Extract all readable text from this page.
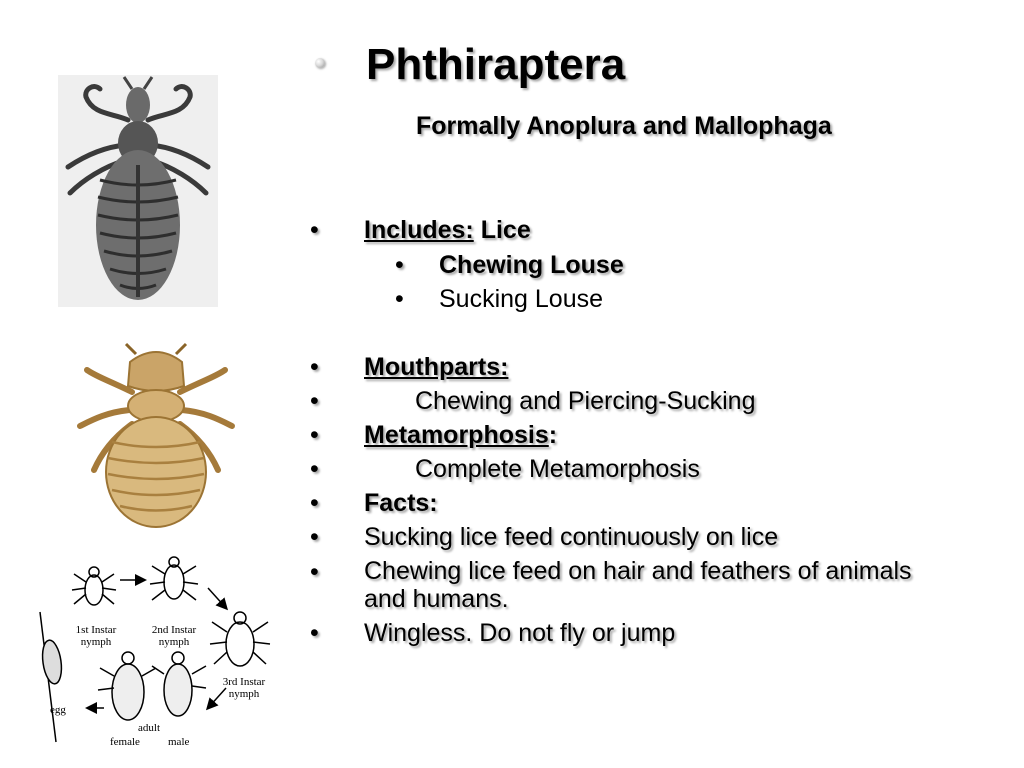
Phthiraptera
Formally Anoplura and Mallophaga
• Includes: Lice
• Chewing Louse
• Sucking Louse
• Mouthparts:
•	Chewing and Piercing-Sucking
• Metamorphosis:
•	Complete Metamorphosis
• Facts:
• Sucking lice feed continuously on lice
• Chewing lice feed on hair and feathers of animals
and humans.
• Wingless. Do not fly or jump
1st Instar
nymph
2nd Instar
nymph
3rd Instar
nymph
egg
adult
female	male
